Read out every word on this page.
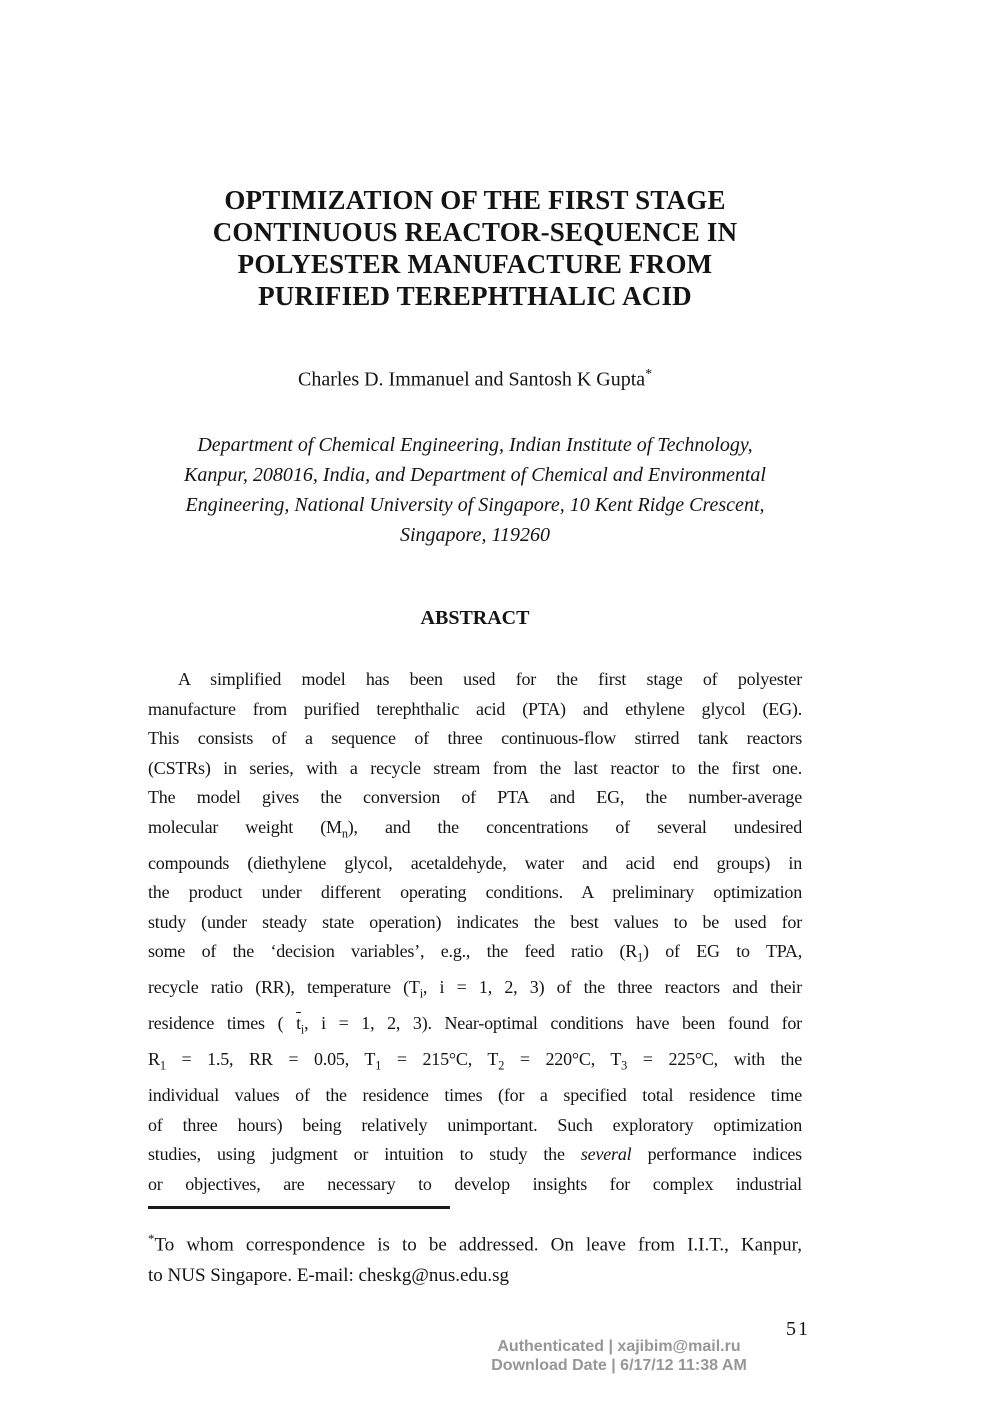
OPTIMIZATION OF THE FIRST STAGE
CONTINUOUS REACTOR-SEQUENCE IN
POLYESTER MANUFACTURE FROM
PURIFIED TEREPHTHALIC ACID
Charles D. Immanuel and Santosh K Gupta*
Department of Chemical Engineering, Indian Institute of Technology,
Kanpur, 208016, India, and Department of Chemical and Environmental
Engineering, National University of Singapore, 10 Kent Ridge Crescent,
Singapore, 119260
ABSTRACT
A simplified model has been used for the first stage of polyester
manufacture from purified terephthalic acid (PTA) and ethylene glycol (EG).
This consists of a sequence of three continuous-flow stirred tank reactors
(CSTRs) in series, with a recycle stream from the last reactor to the first one.
The model gives the conversion of PTA and EG, the number-average
molecular weight $(M_n)$, and the concentrations of several undesired
compounds (diethylene glycol, acetaldehyde, water and acid end groups) in
the product under different operating conditions. A preliminary optimization
study (under steady state operation) indicates the best values to be used for
some of the ‘decision variables’, e.g., the feed ratio $(R_1)$ of EG to TPA,
recycle ratio (RR), temperature ($T_i$, i = 1, 2, 3) of the three reactors and their
residence times ( $\overline{t}_i$, i = 1, 2, 3). Near-optimal conditions have been found for
$R_1 = 1.5$, RR = 0.05, $T_1 = 215^\circ C$, $T_2 = 220^\circ C$, $T_3 = 225^\circ C$, with the
individual values of the residence times (for a specified total residence time
of three hours) being relatively unimportant. Such exploratory optimization
studies, using judgment or intuition to study the several performance indices
or objectives, are necessary to develop insights for complex industrial
*To whom correspondence is to be addressed. On leave from I.I.T., Kanpur,
to NUS Singapore. E-mail: cheskg@nus.edu.sg
51
Authenticated | xajibim@mail.ru
Download Date | 6/17/12 11:38 AM
